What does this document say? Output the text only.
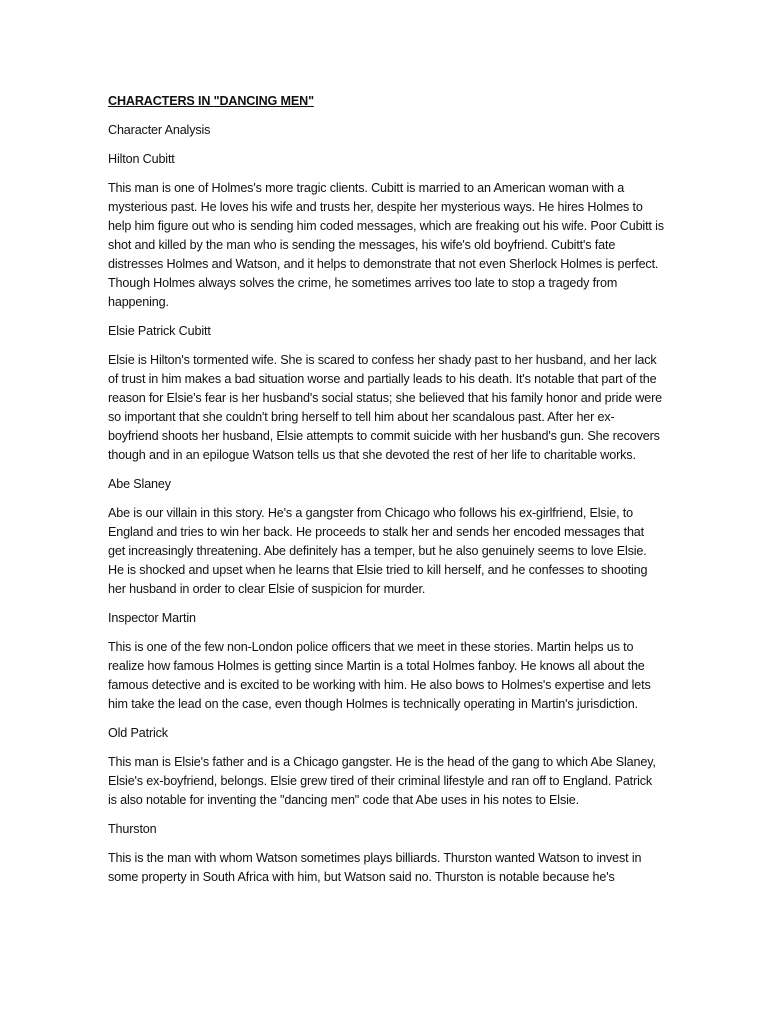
CHARACTERS IN "DANCING MEN"
Character Analysis
Hilton Cubitt
This man is one of Holmes's more tragic clients. Cubitt is married to an American woman with a mysterious past. He loves his wife and trusts her, despite her mysterious ways. He hires Holmes to help him figure out who is sending him coded messages, which are freaking out his wife. Poor Cubitt is shot and killed by the man who is sending the messages, his wife's old boyfriend. Cubitt's fate distresses Holmes and Watson, and it helps to demonstrate that not even Sherlock Holmes is perfect. Though Holmes always solves the crime, he sometimes arrives too late to stop a tragedy from happening.
Elsie Patrick Cubitt
Elsie is Hilton's tormented wife. She is scared to confess her shady past to her husband, and her lack of trust in him makes a bad situation worse and partially leads to his death. It's notable that part of the reason for Elsie's fear is her husband's social status; she believed that his family honor and pride were so important that she couldn't bring herself to tell him about her scandalous past. After her ex-boyfriend shoots her husband, Elsie attempts to commit suicide with her husband's gun. She recovers though and in an epilogue Watson tells us that she devoted the rest of her life to charitable works.
Abe Slaney
Abe is our villain in this story. He's a gangster from Chicago who follows his ex-girlfriend, Elsie, to England and tries to win her back. He proceeds to stalk her and sends her encoded messages that get increasingly threatening. Abe definitely has a temper, but he also genuinely seems to love Elsie. He is shocked and upset when he learns that Elsie tried to kill herself, and he confesses to shooting her husband in order to clear Elsie of suspicion for murder.
Inspector Martin
This is one of the few non-London police officers that we meet in these stories. Martin helps us to realize how famous Holmes is getting since Martin is a total Holmes fanboy. He knows all about the famous detective and is excited to be working with him. He also bows to Holmes's expertise and lets him take the lead on the case, even though Holmes is technically operating in Martin's jurisdiction.
Old Patrick
This man is Elsie's father and is a Chicago gangster. He is the head of the gang to which Abe Slaney, Elsie's ex-boyfriend, belongs. Elsie grew tired of their criminal lifestyle and ran off to England. Patrick is also notable for inventing the "dancing men" code that Abe uses in his notes to Elsie.
Thurston
This is the man with whom Watson sometimes plays billiards. Thurston wanted Watson to invest in some property in South Africa with him, but Watson said no. Thurston is notable because he's
